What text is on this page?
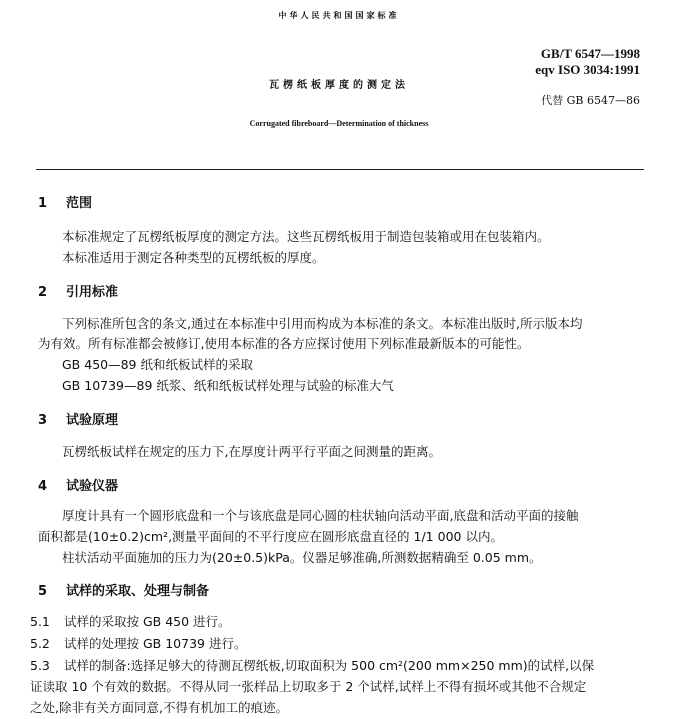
中华人民共和国国家标准
GB/T 6547—1998
eqv ISO 3034:1991
瓦楞纸板厚度的测定法
代替 GB 6547—86
Corrugated fibreboard—Determination of thickness
1 范围
本标准规定了瓦楞纸板厚度的测定方法。这些瓦楞纸板用于制造包装箱或用在包装箱内。
本标准适用于测定各种类型的瓦楞纸板的厚度。
2 引用标准
下列标准所包含的条文,通过在本标准中引用而构成为本标准的条文。本标准出版时,所示版本均
为有效。所有标准都会被修订,使用本标准的各方应探讨使用下列标准最新版本的可能性。
GB 450—89 纸和纸板试样的采取
GB 10739—89 纸浆、纸和纸板试样处理与试验的标准大气
3 试验原理
瓦楞纸板试样在规定的压力下,在厚度计两平行平面之间测量的距离。
4 试验仪器
厚度计具有一个圆形底盘和一个与该底盘是同心圆的柱状轴向活动平面,底盘和活动平面的接触
面积都是(10±0.2)cm²,测量平面间的不平行度应在圆形底盘直径的 1/1 000 以内。
柱状活动平面施加的压力为(20±0.5)kPa。仪器足够准确,所测数据精确至 0.05 mm。
5 试样的采取、处理与制备
5.1 试样的采取按 GB 450 进行。
5.2 试样的处理按 GB 10739 进行。
5.3 试样的制备:选择足够大的待测瓦楞纸板,切取面积为 500 cm²(200 mm×250 mm)的试样,以保
证读取 10 个有效的数据。不得从同一张样品上切取多于 2 个试样,试样上不得有损坏或其他不合规定
之处,除非有关方面同意,不得有机加工的痕迹。
